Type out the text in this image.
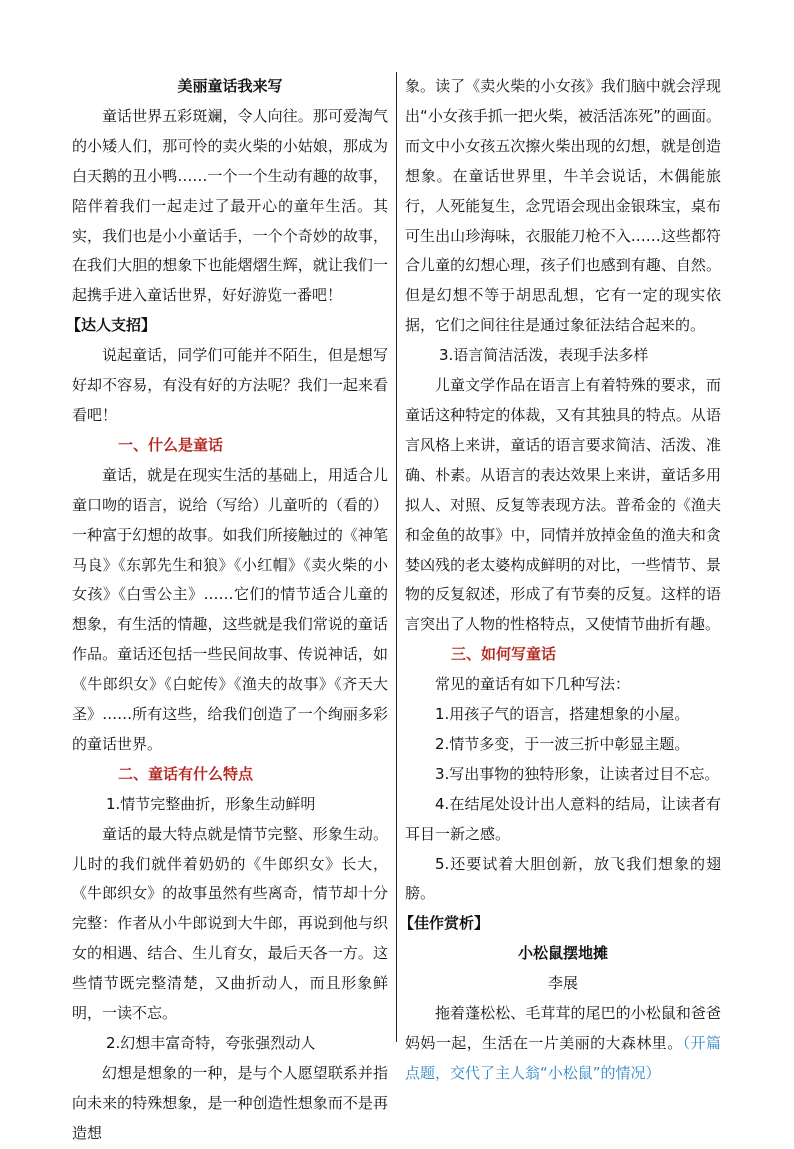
美丽童话我来写

童话世界五彩斑斓，令人向往。那可爱淘气的小矮人们，那可怜的卖火柴的小姑娘，那成为白天鹅的丑小鸭……一个一个生动有趣的故事，陪伴着我们一起走过了最开心的童年生活。其实，我们也是小小童话手，一个个奇妙的故事，在我们大胆的想象下也能熠熠生辉，就让我们一起携手进入童话世界，好好游览一番吧！

【达人支招】

说起童话，同学们可能并不陌生，但是想写好却不容易，有没有好的方法呢？我们一起来看看吧！

一、什么是童话

童话，就是在现实生活的基础上，用适合儿童口吻的语言，说给（写给）儿童听的（看的）一种富于幻想的故事。如我们所接触过的《神笔马良》《东郭先生和狼》《小红帽》《卖火柴的小女孩》《白雪公主》……它们的情节适合儿童的想象，有生活的情趣，这些就是我们常说的童话作品。童话还包括一些民间故事、传说神话，如《牛郎织女》《白蛇传》《渔夫的故事》《齐天大圣》……所有这些，给我们创造了一个绚丽多彩的童话世界。

二、童话有什么特点

1.情节完整曲折，形象生动鲜明

童话的最大特点就是情节完整、形象生动。儿时的我们就伴着奶奶的《牛郎织女》长大，《牛郎织女》的故事虽然有些离奇，情节却十分完整：作者从小牛郎说到大牛郎，再说到他与织女的相遇、结合、生儿育女，最后天各一方。这些情节既完整清楚，又曲折动人，而且形象鲜明，一读不忘。

2.幻想丰富奇特，夸张强烈动人

幻想是想象的一种，是与个人愿望联系并指向未来的特殊想象，是一种创造性想象而不是再造想

象。读了《卖火柴的小女孩》我们脑中就会浮现出“小女孩手抓一把火柴，被活活冻死”的画面。而文中小女孩五次擦火柴出现的幻想，就是创造想象。在童话世界里，牛羊会说话，木偶能旅行，人死能复生，念咒语会现出金银珠宝，桌布可生出山珍海味，衣服能刀枪不入……这些都符合儿童的幻想心理，孩子们也感到有趣、自然。但是幻想不等于胡思乱想，它有一定的现实依据，它们之间往往是通过象征法结合起来的。

3.语言简洁活泼，表现手法多样

儿童文学作品在语言上有着特殊的要求，而童话这种特定的体裁，又有其独具的特点。从语言风格上来讲，童话的语言要求简洁、活泼、准确、朴素。从语言的表达效果上来讲，童话多用拟人、对照、反复等表现方法。普希金的《渔夫和金鱼的故事》中，同情并放掉金鱼的渔夫和贪婪凶残的老太婆构成鲜明的对比，一些情节、景物的反复叙述，形成了有节奏的反复。这样的语言突出了人物的性格特点，又使情节曲折有趣。

三、如何写童话

常见的童话有如下几种写法：

1.用孩子气的语言，搭建想象的小屋。

2.情节多变，于一波三折中彰显主题。

3.写出事物的独特形象，让读者过目不忘。

4.在结尾处设计出人意料的结局，让读者有耳目一新之感。

5.还要试着大胆创新，放飞我们想象的翅膀。

【佳作赏析】

小松鼠摆地摊

李展

拖着蓬松松、毛茸茸的尾巴的小松鼠和爸爸妈妈一起，生活在一片美丽的大森林里。（开篇点题，交代了主人翁“小松鼠”的情况）
